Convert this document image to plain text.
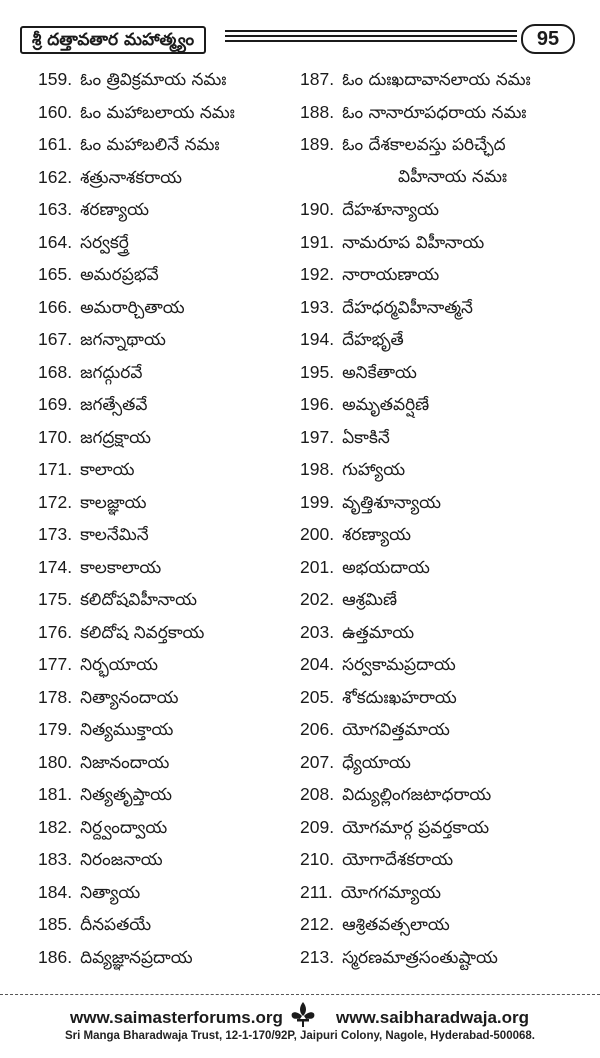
శ్రీ దత్తావతార మహాత్మ్యం	95
159. ఓం త్రివిక్రమాయ నమః
160. ఓం మహాబలాయ నమః
161. ఓం మహాబలినే నమః
162. శత్రునాశకరాయ
163. శరణ్యాయ
164. సర్వకర్త్రే
165. అమరప్రభవే
166. అమరార్చితాయ
167. జగన్నాథాయ
168. జగద్గురవే
169. జగత్సేతవే
170. జగద్రక్షాయ
171. కాలాయ
172. కాలజ్ఞాయ
173. కాలనేమినే
174. కాలకాలాయ
175. కలిదోషవిహీనాయ
176. కలిదోష నివర్తకాయ
177. నిర్భయాయ
178. నిత్యానందాయ
179. నిత్యముక్తాయ
180. నిజానందాయ
181. నిత్యతృప్తాయ
182. నిర్ద్వంద్వాయ
183. నిరంజనాయ
184. నిత్యాయ
185. దీనపతయే
186. దివ్యజ్ఞానప్రదాయ
187. ఓం దుఃఖదావానలాయ నమః
188. ఓం నానారూపధరాయ నమః
189. ఓం దేశకాలవస్తు పరిచ్ఛేద
విహీనాయ నమః
190. దేహశూన్యాయ
191. నామరూప విహీనాయ
192. నారాయణాయ
193. దేహధర్మవిహీనాత్మనే
194. దేహభృతే
195. అనికేతాయ
196. అమృతవర్షిణే
197. ఏకాకినే
198. గుహ్యాయ
199. వృత్తిశూన్యాయ
200. శరణ్యాయ
201. అభయదాయ
202. ఆశ్రమిణే
203. ఉత్తమాయ
204. సర్వకామప్రదాయ
205. శోకదుఃఖహరాయ
206. యోగవిత్తమాయ
207. ధ్యేయాయ
208. విద్యుల్లింగజటాధరాయ
209. యోగమార్గ ప్రవర్తకాయ
210. యోగాదేశకరాయ
211. యోగగమ్యాయ
212. ఆశ్రితవత్సలాయ
213. స్మరణమాత్రసంతుష్టాయ
www.saimasterforums.org	www.saibharadwaja.org
Sri Manga Bharadwaja Trust, 12-1-170/92P, Jaipuri Colony, Nagole, Hyderabad-500068.
